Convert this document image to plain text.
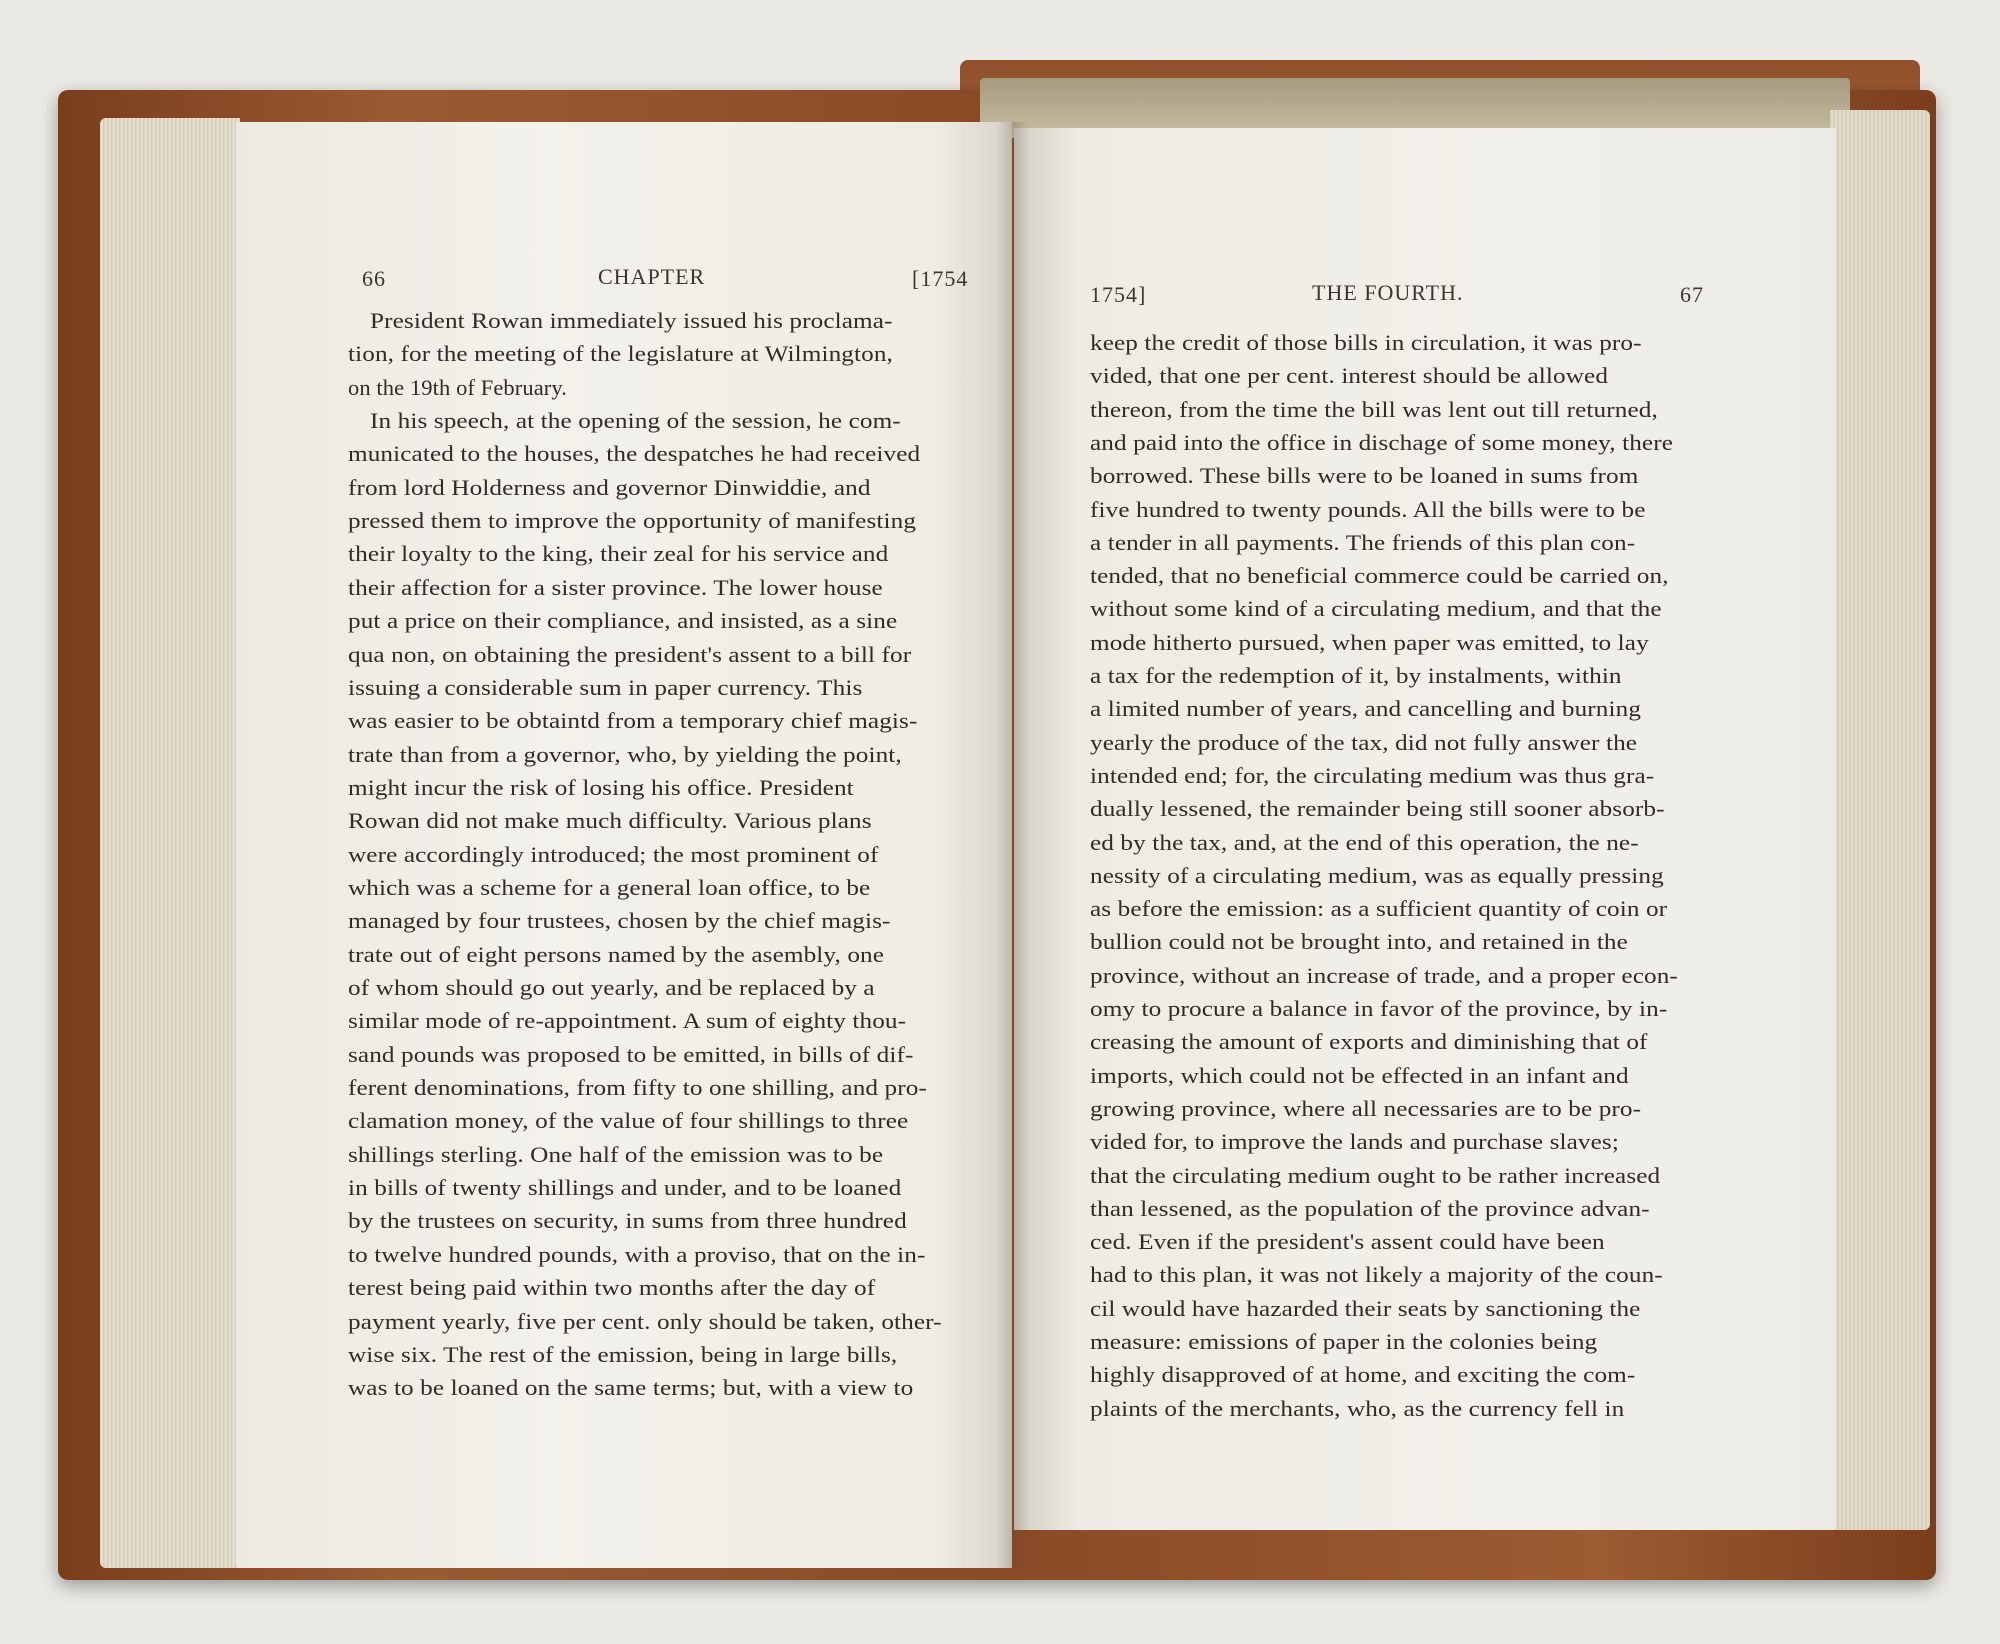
66	CHAPTER	[1754
1754]	THE FOURTH.	67
President Rowan immediately issued his proclama-
tion, for the meeting of the legislature at Wilmington,
on the 19th of February.
In his speech, at the opening of the session, he com-
municated to the houses, the despatches he had received
from lord Holderness and governor Dinwiddie, and
pressed them to improve the opportunity of manifesting
their loyalty to the king, their zeal for his service and
their affection for a sister province. The lower house
put a price on their compliance, and insisted, as a sine
qua non, on obtaining the president's assent to a bill for
issuing a considerable sum in paper currency. This
was easier to be obtaintd from a temporary chief magis-
trate than from a governor, who, by yielding the point,
might incur the risk of losing his office. President
Rowan did not make much difficulty. Various plans
were accordingly introduced; the most prominent of
which was a scheme for a general loan office, to be
managed by four trustees, chosen by the chief magis-
trate out of eight persons named by the asembly, one
of whom should go out yearly, and be replaced by a
similar mode of re-appointment. A sum of eighty thou-
sand pounds was proposed to be emitted, in bills of dif-
ferent denominations, from fifty to one shilling, and pro-
clamation money, of the value of four shillings to three
shillings sterling. One half of the emission was to be
in bills of twenty shillings and under, and to be loaned
by the trustees on security, in sums from three hundred
to twelve hundred pounds, with a proviso, that on the in-
terest being paid within two months after the day of
payment yearly, five per cent. only should be taken, other-
wise six. The rest of the emission, being in large bills,
was to be loaned on the same terms; but, with a view to
keep the credit of those bills in circulation, it was pro-
vided, that one per cent. interest should be allowed
thereon, from the time the bill was lent out till returned,
and paid into the office in dischage of some money, there
borrowed. These bills were to be loaned in sums from
five hundred to twenty pounds. All the bills were to be
a tender in all payments. The friends of this plan con-
tended, that no beneficial commerce could be carried on,
without some kind of a circulating medium, and that the
mode hitherto pursued, when paper was emitted, to lay
a tax for the redemption of it, by instalments, within
a limited number of years, and cancelling and burning
yearly the produce of the tax, did not fully answer the
intended end; for, the circulating medium was thus gra-
dually lessened, the remainder being still sooner absorb-
ed by the tax, and, at the end of this operation, the ne-
nessity of a circulating medium, was as equally pressing
as before the emission: as a sufficient quantity of coin or
bullion could not be brought into, and retained in the
province, without an increase of trade, and a proper econ-
omy to procure a balance in favor of the province, by in-
creasing the amount of exports and diminishing that of
imports, which could not be effected in an infant and
growing province, where all necessaries are to be pro-
vided for, to improve the lands and purchase slaves;
that the circulating medium ought to be rather increased
than lessened, as the population of the province advan-
ced. Even if the president's assent could have been
had to this plan, it was not likely a majority of the coun-
cil would have hazarded their seats by sanctioning the
measure: emissions of paper in the colonies being
highly disapproved of at home, and exciting the com-
plaints of the merchants, who, as the currency fell in
